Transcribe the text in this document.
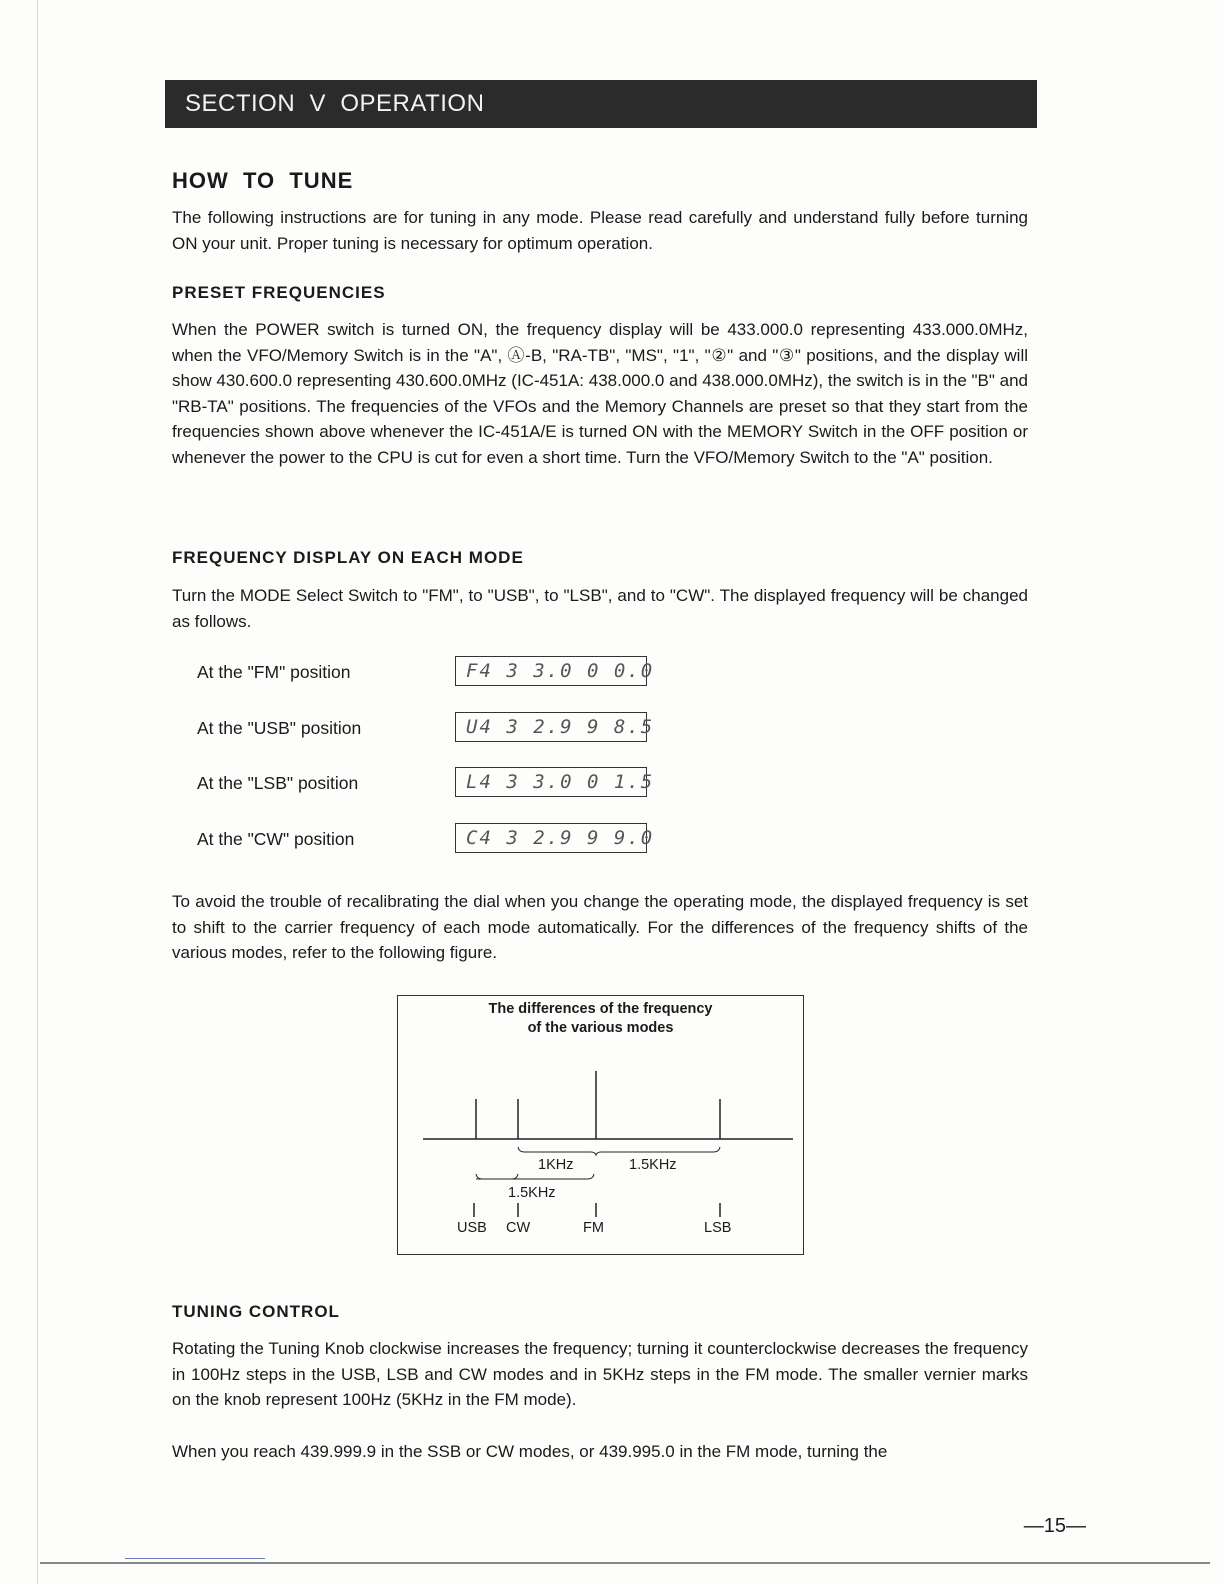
SECTION  V  OPERATION
HOW  TO  TUNE
The following instructions are for tuning in any mode. Please read carefully and understand fully before turning ON your unit. Proper tuning is necessary for optimum operation.
PRESET FREQUENCIES
When the POWER switch is turned ON, the frequency display will be 433.000.0 representing 433.000.0MHz, when the VFO/Memory Switch is in the "A", Ⓐ-B, "RA-TB", "MS", "1", "②" and "③" positions, and the display will show 430.600.0 representing 430.600.0MHz (IC-451A: 438.000.0 and 438.000.0MHz), the switch is in the "B" and "RB-TA" positions. The frequencies of the VFOs and the Memory Channels are preset so that they start from the frequencies shown above whenever the IC-451A/E is turned ON with the MEMORY Switch in the OFF position or whenever the power to the CPU is cut for even a short time. Turn the VFO/Memory Switch to the "A" position.
FREQUENCY DISPLAY ON EACH MODE
Turn the MODE Select Switch to "FM", to "USB", to "LSB", and to "CW". The displayed frequency will be changed as follows.
At the "FM" position	F 4 3 3.0 0 0.0
At the "USB" position	U 4 3 2.9 9 8.5
At the "LSB" position	L 4 3 3.0 0 1.5
At the "CW" position	C 4 3 2.9 9 9.0
To avoid the trouble of recalibrating the dial when you change the operating mode, the displayed frequency is set to shift to the carrier frequency of each mode automatically. For the differences of the frequency shifts of the various modes, refer to the following figure.
The differences of the frequency
of the various modes
1KHz	1.5KHz
1.5KHz
USB CW	FM	LSB
TUNING CONTROL
Rotating the Tuning Knob clockwise increases the frequency; turning it counterclockwise decreases the frequency in 100Hz steps in the USB, LSB and CW modes and in 5KHz steps in the FM mode. The smaller vernier marks on the knob represent 100Hz (5KHz in the FM mode).
When you reach 439.999.9 in the SSB or CW modes, or 439.995.0 in the FM mode, turning the
—15—
